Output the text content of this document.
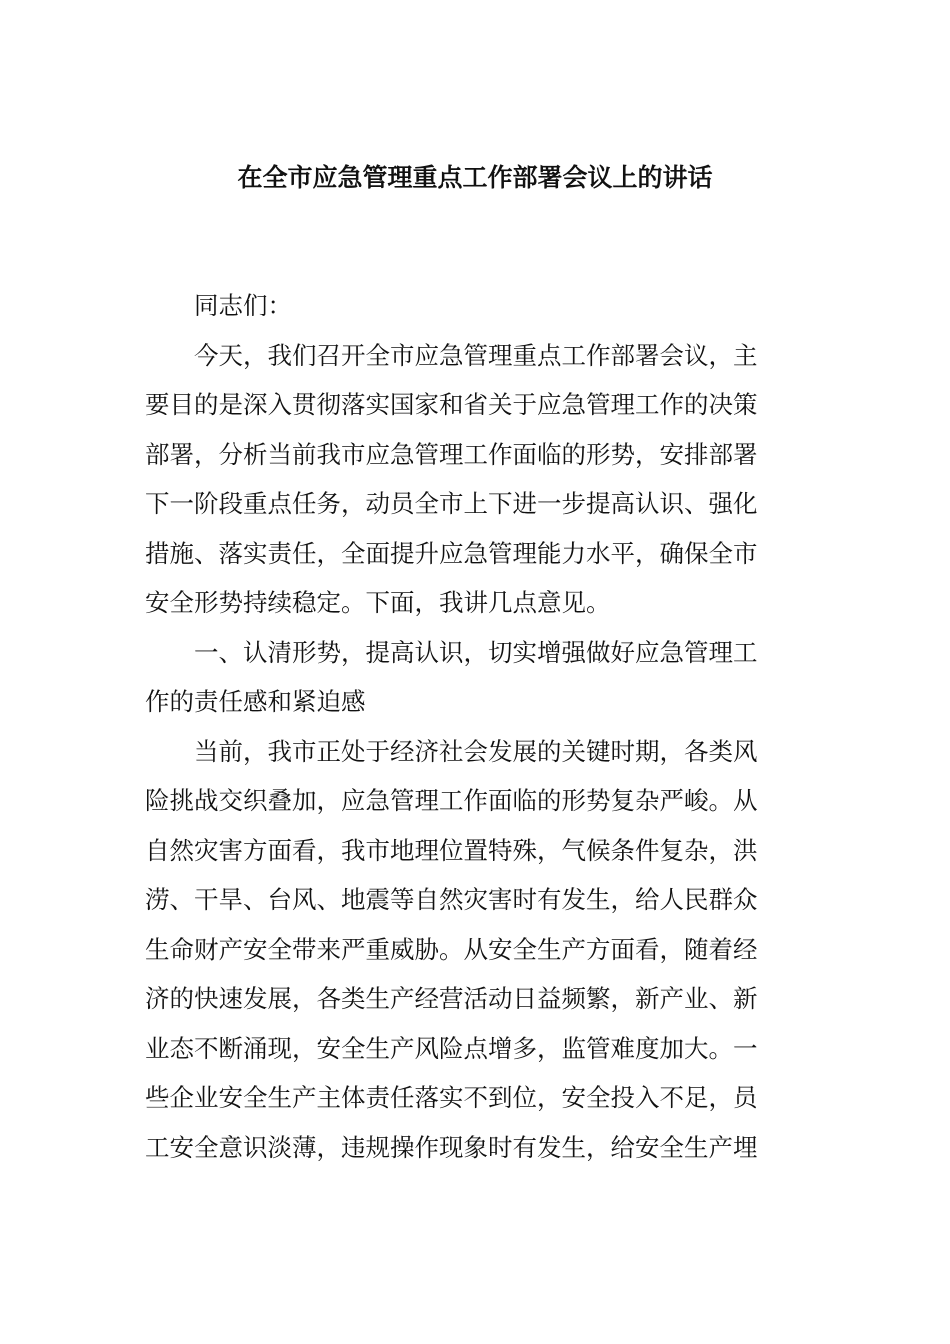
在全市应急管理重点工作部署会议上的讲话
同志们：
今天，我们召开全市应急管理重点工作部署会议，主
要目的是深入贯彻落实国家和省关于应急管理工作的决策
部署，分析当前我市应急管理工作面临的形势，安排部署
下一阶段重点任务，动员全市上下进一步提高认识、强化
措施、落实责任，全面提升应急管理能力水平，确保全市
安全形势持续稳定。下面，我讲几点意见。
一、认清形势，提高认识，切实增强做好应急管理工
作的责任感和紧迫感
当前，我市正处于经济社会发展的关键时期，各类风
险挑战交织叠加，应急管理工作面临的形势复杂严峻。从
自然灾害方面看，我市地理位置特殊，气候条件复杂，洪
涝、干旱、台风、地震等自然灾害时有发生，给人民群众
生命财产安全带来严重威胁。从安全生产方面看，随着经
济的快速发展，各类生产经营活动日益频繁，新产业、新
业态不断涌现，安全生产风险点增多，监管难度加大。一
些企业安全生产主体责任落实不到位，安全投入不足，员
工安全意识淡薄，违规操作现象时有发生，给安全生产埋
